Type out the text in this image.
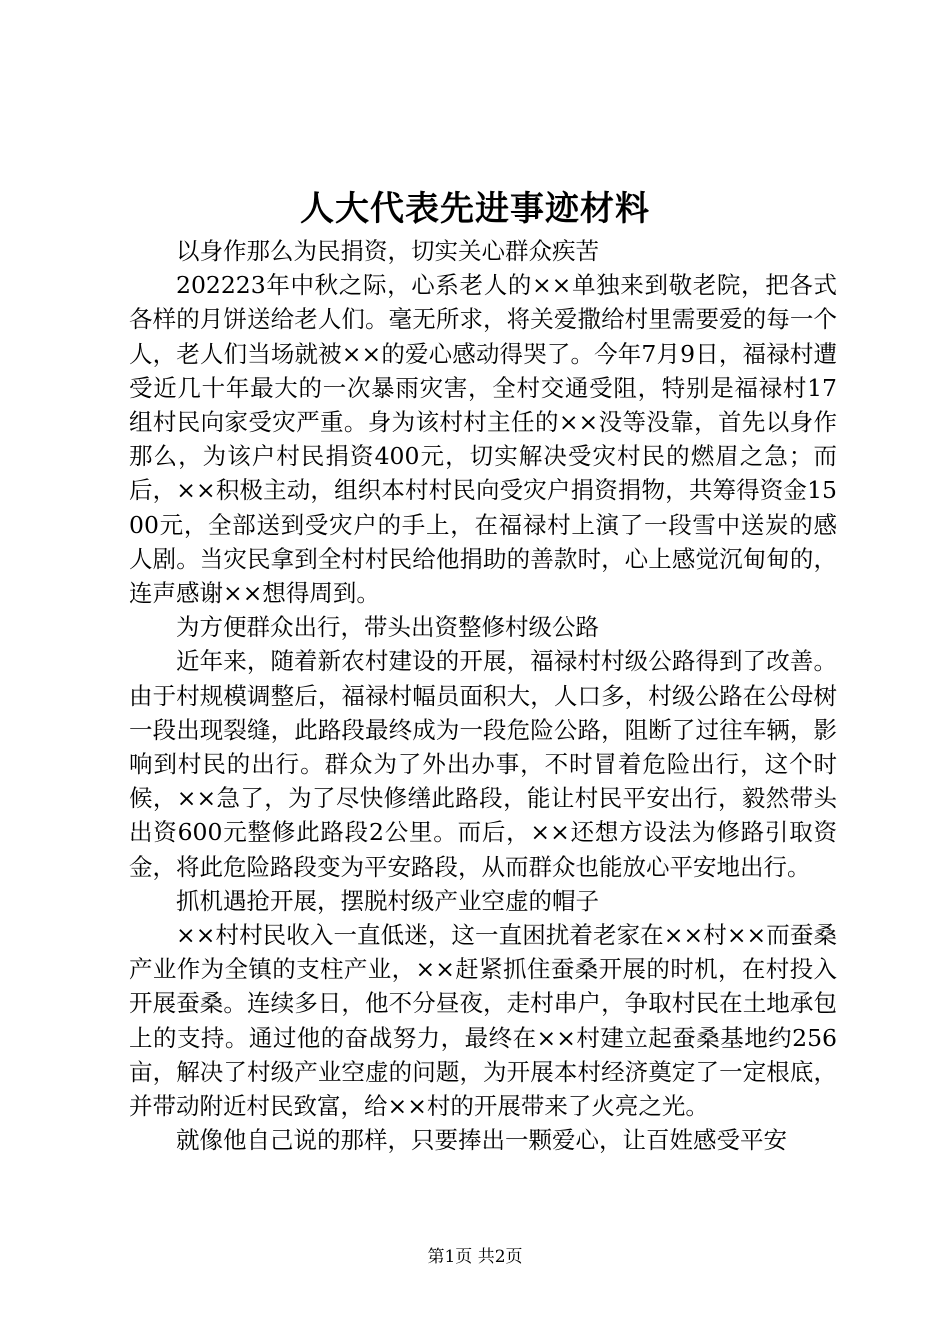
人大代表先进事迹材料

以身作那么为民捐资，切实关心群众疾苦

202223年中秋之际，心系老人的××单独来到敬老院，把各式各样的月饼送给老人们。毫无所求，将关爱撒给村里需要爱的每一个人，老人们当场就被××的爱心感动得哭了。今年7月9日，福禄村遭受近几十年最大的一次暴雨灾害，全村交通受阻，特别是福禄村17组村民向家受灾严重。身为该村村主任的××没等没靠，首先以身作那么，为该户村民捐资400元，切实解决受灾村民的燃眉之急；而后，××积极主动，组织本村村民向受灾户捐资捐物，共筹得资金1500元，全部送到受灾户的手上，在福禄村上演了一段雪中送炭的感人剧。当灾民拿到全村村民给他捐助的善款时，心上感觉沉甸甸的，连声感谢××想得周到。

为方便群众出行，带头出资整修村级公路

近年来，随着新农村建设的开展，福禄村村级公路得到了改善。由于村规模调整后，福禄村幅员面积大，人口多，村级公路在公母树一段出现裂缝，此路段最终成为一段危险公路，阻断了过往车辆，影响到村民的出行。群众为了外出办事，不时冒着危险出行，这个时候，××急了，为了尽快修缮此路段，能让村民平安出行，毅然带头出资600元整修此路段2公里。而后，××还想方设法为修路引取资金，将此危险路段变为平安路段，从而群众也能放心平安地出行。

抓机遇抢开展，摆脱村级产业空虚的帽子

××村村民收入一直低迷，这一直困扰着老家在××村××而蚕桑产业作为全镇的支柱产业，××赶紧抓住蚕桑开展的时机，在村投入开展蚕桑。连续多日，他不分昼夜，走村串户，争取村民在土地承包上的支持。通过他的奋战努力，最终在××村建立起蚕桑基地约256亩，解决了村级产业空虚的问题，为开展本村经济奠定了一定根底，并带动附近村民致富，给××村的开展带来了火亮之光。

就像他自己说的那样，只要捧出一颗爱心，让百姓感受平安

第1页 共2页
